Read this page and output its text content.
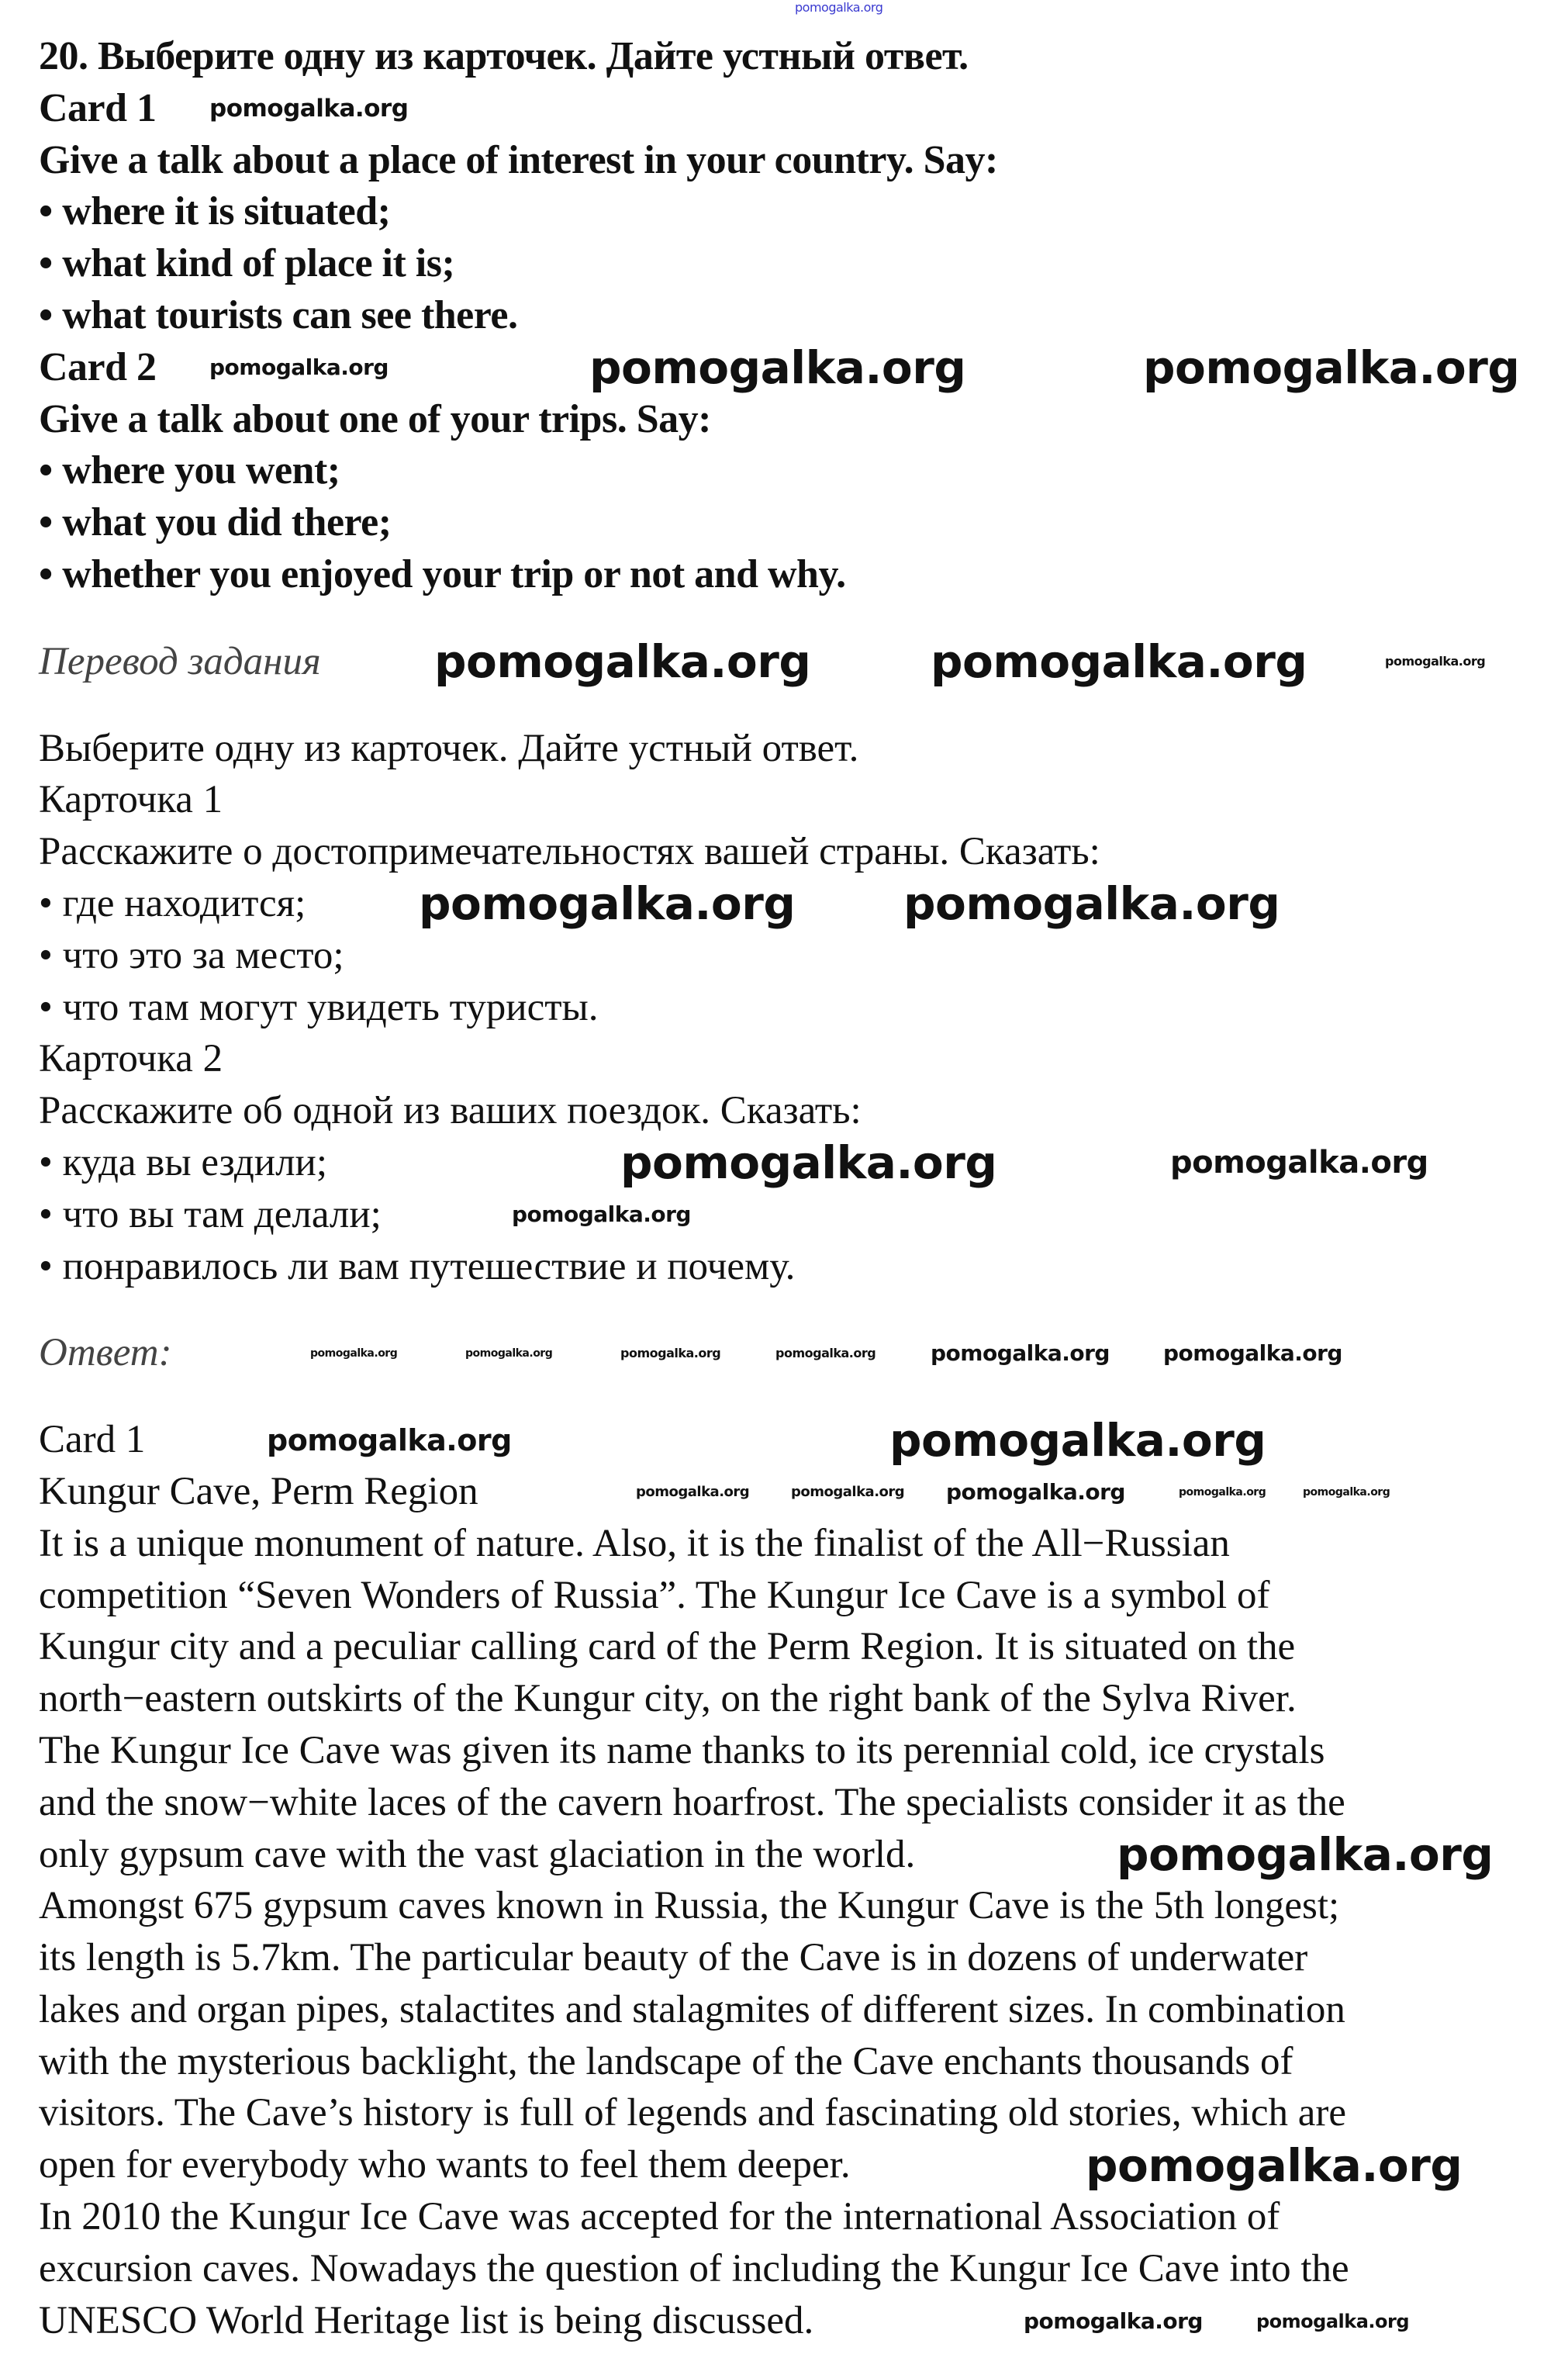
20. Выберите одну из карточек. Дайте устный ответ.
Card 1
Give a talk about a place of interest in your country. Say:
• where it is situated;
• what kind of place it is;
• what tourists can see there.
Card 2
Give a talk about one of your trips. Say:
• where you went;
• what you did there;
• whether you enjoyed your trip or not and why.
Перевод задания
Выберите одну из карточек. Дайте устный ответ.
Карточка 1
Расскажите о достопримечательностях вашей страны. Сказать:
• где находится;
• что это за место;
• что там могут увидеть туристы.
Карточка 2
Расскажите об одной из ваших поездок. Сказать:
• куда вы ездили;
• что вы там делали;
• понравилось ли вам путешествие и почему.
Ответ:
Card 1
Kungur Cave, Perm Region
It is a unique monument of nature. Also, it is the finalist of the All−Russian
competition “Seven Wonders of Russia”. The Kungur Ice Cave is a symbol of
Kungur city and a peculiar calling card of the Perm Region. It is situated on the
north−eastern outskirts of the Kungur city, on the right bank of the Sylva River.
The Kungur Ice Cave was given its name thanks to its perennial cold, ice crystals
and the snow−white laces of the cavern hoarfrost. The specialists consider it as the
only gypsum cave with the vast glaciation in the world.
Amongst 675 gypsum caves known in Russia, the Kungur Cave is the 5th longest;
its length is 5.7km. The particular beauty of the Cave is in dozens of underwater
lakes and organ pipes, stalactites and stalagmites of different sizes. In combination
with the mysterious backlight, the landscape of the Cave enchants thousands of
visitors. The Cave’s history is full of legends and fascinating old stories, which are
open for everybody who wants to feel them deeper.
In 2010 the Kungur Ice Cave was accepted for the international Association of
excursion caves. Nowadays the question of including the Kungur Ice Cave into the
UNESCO World Heritage list is being discussed.
pomogalka.org
pomogalka.org
pomogalka.org	pomogalka.org	pomogalka.org
pomogalka.org	pomogalka.org	pomogalka.org
pomogalka.org pomogalka.org
pomogalka.org	pomogalka.org
pomogalka.org
pomogalka.org	pomogalka.org	pomogalka.org	pomogalka.org	pomogalka.org pomogalka.org
pomogalka.org	pomogalka.org
pomogalka.org	pomogalka.org pomogalka.org	pomogalka.org	pomogalka.org
pomogalka.org
pomogalka.org
pomogalka.org	pomogalka.org
